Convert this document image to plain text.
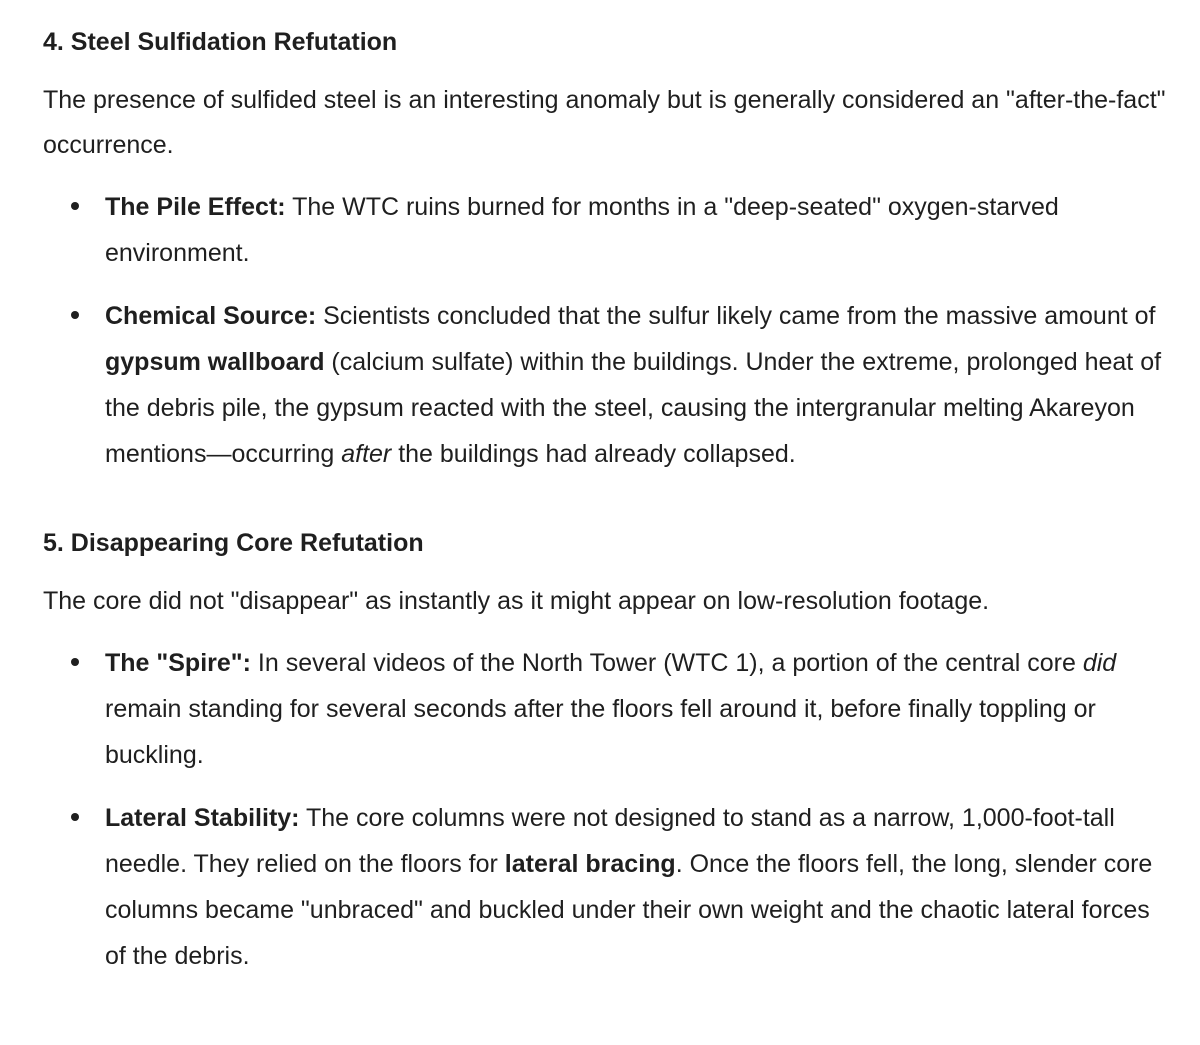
4. Steel Sulfidation Refutation

The presence of sulfided steel is an interesting anomaly but is generally considered an "after-the-fact" occurrence.

The Pile Effect: The WTC ruins burned for months in a "deep-seated" oxygen-starved environment.
Chemical Source: Scientists concluded that the sulfur likely came from the massive amount of gypsum wallboard (calcium sulfate) within the buildings. Under the extreme, prolonged heat of the debris pile, the gypsum reacted with the steel, causing the intergranular melting Akareyon mentions—occurring after the buildings had already collapsed.
5. Disappearing Core Refutation

The core did not "disappear" as instantly as it might appear on low-resolution footage.

The "Spire": In several videos of the North Tower (WTC 1), a portion of the central core did remain standing for several seconds after the floors fell around it, before finally toppling or buckling.
Lateral Stability: The core columns were not designed to stand as a narrow, 1,000-foot-tall needle. They relied on the floors for lateral bracing. Once the floors fell, the long, slender core columns became "unbraced" and buckled under their own weight and the chaotic lateral forces of the debris.
